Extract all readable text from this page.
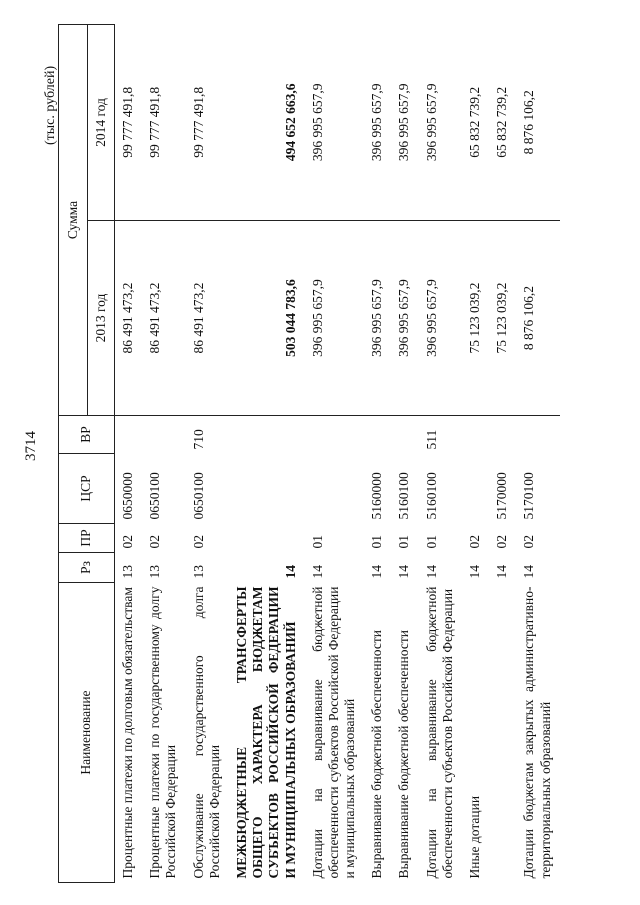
3714
(тыс. рублей)
Наименование	Рз	ПР	ЦСР	ВР	Сумма	
					2013 год	2014 год
Процентные платежи по долговым обязательствам	13	02	0650000		86 491 473,2	99 777 491,8
Процентные платежи по государственному долгу Российской Федерации	13	02	0650100		86 491 473,2	99 777 491,8
Обслуживание государственного долга Российской Федерации	13	02	0650100	710	86 491 473,2	99 777 491,8
МЕЖБЮДЖЕТНЫЕ ТРАНСФЕРТЫ ОБЩЕГО ХАРАКТЕРА БЮДЖЕТАМ СУБЪЕКТОВ РОССИЙСКОЙ ФЕДЕРАЦИИ И МУНИЦИПАЛЬНЫХ ОБРАЗОВАНИЙ	14				503 044 783,6	494 652 663,6
Дотации на выравнивание бюджетной обеспеченности субъектов Российской Федерации и муниципальных образований	14	01			396 995 657,9	396 995 657,9
Выравнивание бюджетной обеспеченности	14	01	5160000		396 995 657,9	396 995 657,9
Выравнивание бюджетной обеспеченности	14	01	5160100		396 995 657,9	396 995 657,9
Дотации на выравнивание бюджетной обеспеченности субъектов Российской Федерации	14	01	5160100	511	396 995 657,9	396 995 657,9
Иные дотации	14	02			75 123 039,2	65 832 739,2
	14	02	5170000		75 123 039,2	65 832 739,2
Дотации бюджетам закрытых административно-территориальных образований	14	02	5170100		8 876 106,2	8 876 106,2
